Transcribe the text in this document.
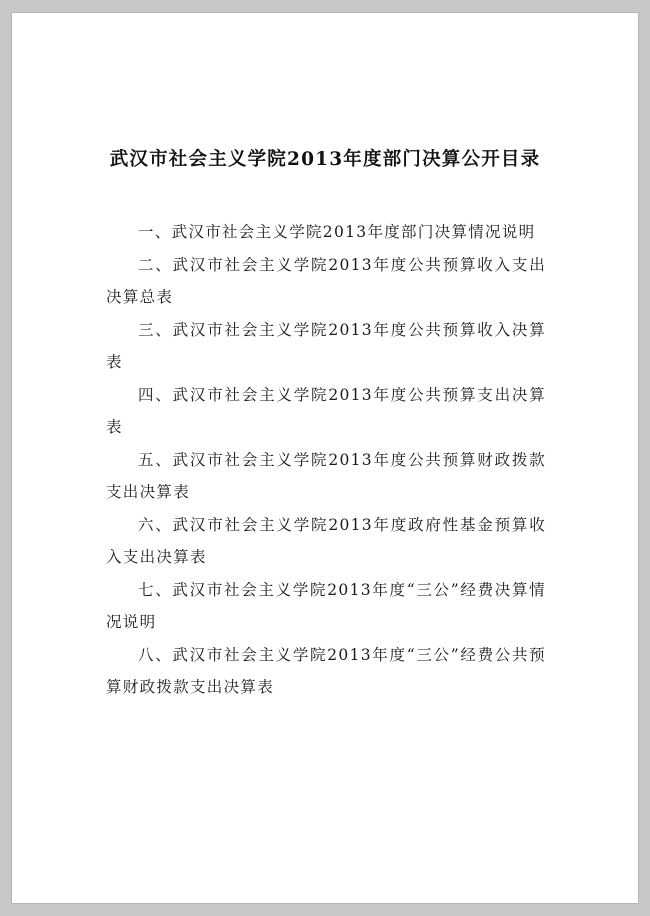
武汉市社会主义学院2013年度部门决算公开目录
一、武汉市社会主义学院2013年度部门决算情况说明
二、武汉市社会主义学院2013年度公共预算收入支出决算总表
三、武汉市社会主义学院2013年度公共预算收入决算表
四、武汉市社会主义学院2013年度公共预算支出决算表
五、武汉市社会主义学院2013年度公共预算财政拨款支出决算表
六、武汉市社会主义学院2013年度政府性基金预算收入支出决算表
七、武汉市社会主义学院2013年度“三公”经费决算情况说明
八、武汉市社会主义学院2013年度“三公”经费公共预算财政拨款支出决算表
